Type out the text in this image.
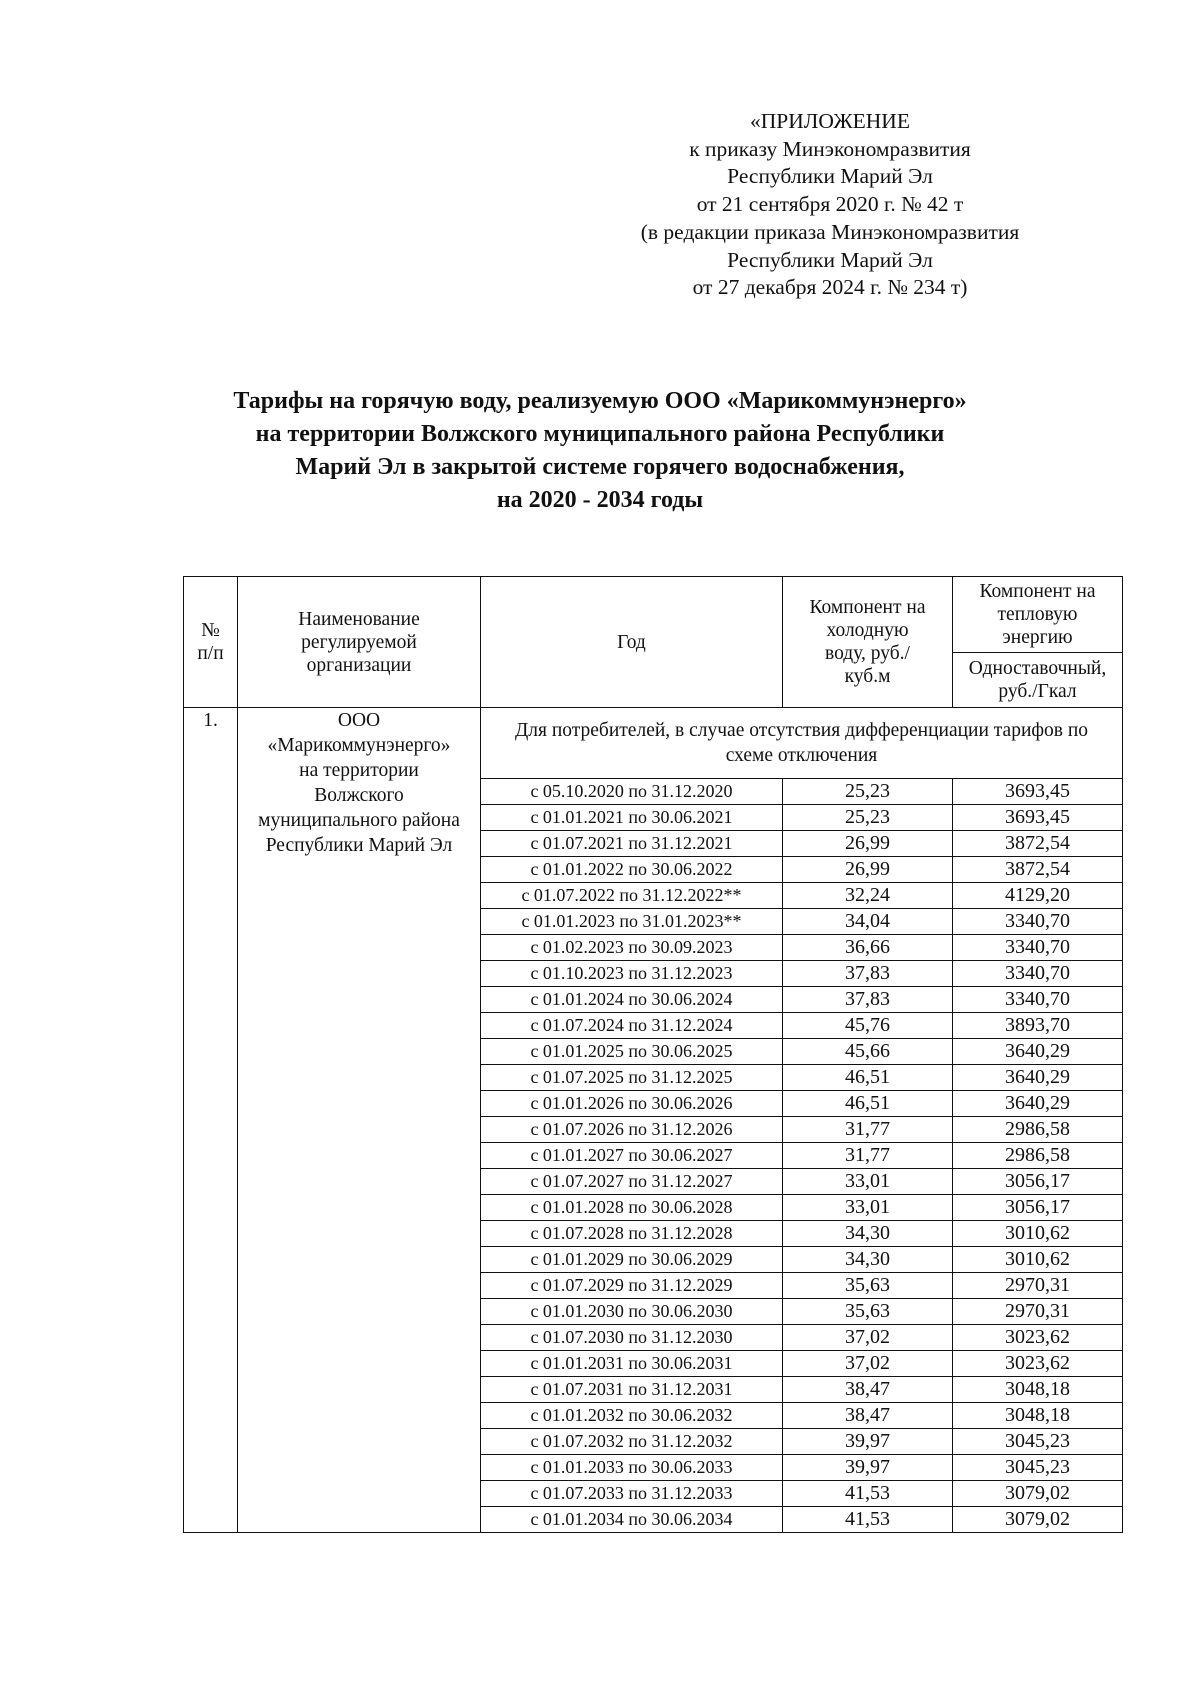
«ПРИЛОЖЕНИЕ
к приказу Минэкономразвития
Республики Марий Эл
от 21 сентября 2020 г. № 42 т
(в редакции приказа Минэкономразвития
Республики Марий Эл
от 27 декабря 2024 г. № 234 т)
Тарифы на горячую воду, реализуемую ООО «Марикоммунэнерго»
на территории Волжского муниципального района Республики
Марий Эл в закрытой системе горячего водоснабжения,
на 2020 - 2034 годы
№ п/п	Наименование регулируемой организации	Год	Компонент на холодную воду, руб./куб.м	Компонент на тепловую энергию
				Одноставочный, руб./Гкал
1.	ООО «Марикоммунэнерго» на территории Волжского муниципального района Республики Марий Эл	Для потребителей, в случае отсутствия дифференциации тарифов по схеме отключения		
		с 05.10.2020 по 31.12.2020	25,23	3693,45
		с 01.01.2021 по 30.06.2021	25,23	3693,45
		с 01.07.2021 по 31.12.2021	26,99	3872,54
		с 01.01.2022 по 30.06.2022	26,99	3872,54
		с 01.07.2022 по 31.12.2022**	32,24	4129,20
		с 01.01.2023 по 31.01.2023**	34,04	3340,70
		с 01.02.2023 по 30.09.2023	36,66	3340,70
		с 01.10.2023 по 31.12.2023	37,83	3340,70
		с 01.01.2024 по 30.06.2024	37,83	3340,70
		с 01.07.2024 по 31.12.2024	45,76	3893,70
		с 01.01.2025 по 30.06.2025	45,66	3640,29
		с 01.07.2025 по 31.12.2025	46,51	3640,29
		с 01.01.2026 по 30.06.2026	46,51	3640,29
		с 01.07.2026 по 31.12.2026	31,77	2986,58
		с 01.01.2027 по 30.06.2027	31,77	2986,58
		с 01.07.2027 по 31.12.2027	33,01	3056,17
		с 01.01.2028 по 30.06.2028	33,01	3056,17
		с 01.07.2028 по 31.12.2028	34,30	3010,62
		с 01.01.2029 по 30.06.2029	34,30	3010,62
		с 01.07.2029 по 31.12.2029	35,63	2970,31
		с 01.01.2030 по 30.06.2030	35,63	2970,31
		с 01.07.2030 по 31.12.2030	37,02	3023,62
		с 01.01.2031 по 30.06.2031	37,02	3023,62
		с 01.07.2031 по 31.12.2031	38,47	3048,18
		с 01.01.2032 по 30.06.2032	38,47	3048,18
		с 01.07.2032 по 31.12.2032	39,97	3045,23
		с 01.01.2033 по 30.06.2033	39,97	3045,23
		с 01.07.2033 по 31.12.2033	41,53	3079,02
		с 01.01.2034 по 30.06.2034	41,53	3079,02
